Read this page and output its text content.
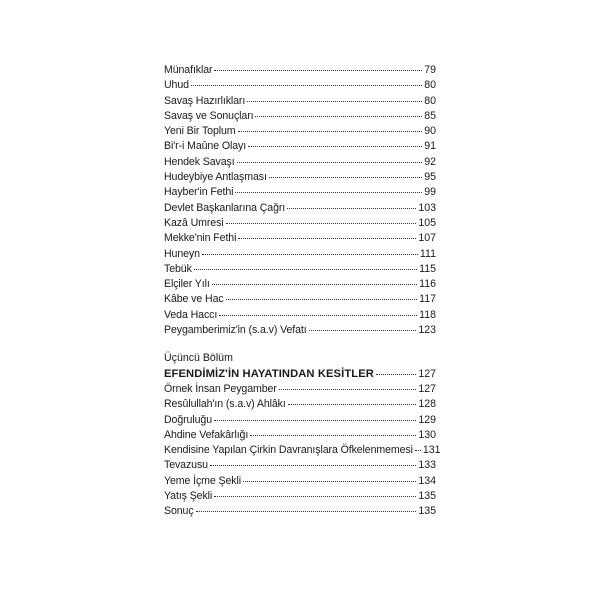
Münafıklar	79
Uhud	80
Savaş Hazırlıkları	80
Savaş ve Sonuçları	85
Yeni Bir Toplum	90
Bi'r-i Maûne Olayı	91
Hendek Savaşı	92
Hudeybiye Antlaşması	95
Hayber'in Fethi	99
Devlet Başkanlarına Çağrı	103
Kazâ Umresi	105
Mekke'nin Fethi	107
Huneyn	111
Tebük	115
Elçiler Yılı	116
Kâbe ve Hac	117
Veda Haccı	118
Peygamberimiz'in (s.a.v) Vefatı	123
Üçüncü Bölüm
EFENDİMİZ'İN HAYATINDAN KESİTLER	127
Örnek İnsan Peygamber	127
Resûlullah'ın (s.a.v) Ahlâkı	128
Doğruluğu	129
Ahdine Vefakârlığı	130
Kendisine Yapılan Çirkin Davranışlara Öfkelenmemesi 131
Tevazusu	133
Yeme İçme Şekli	134
Yatış Şekli	135
Sonuç	135
